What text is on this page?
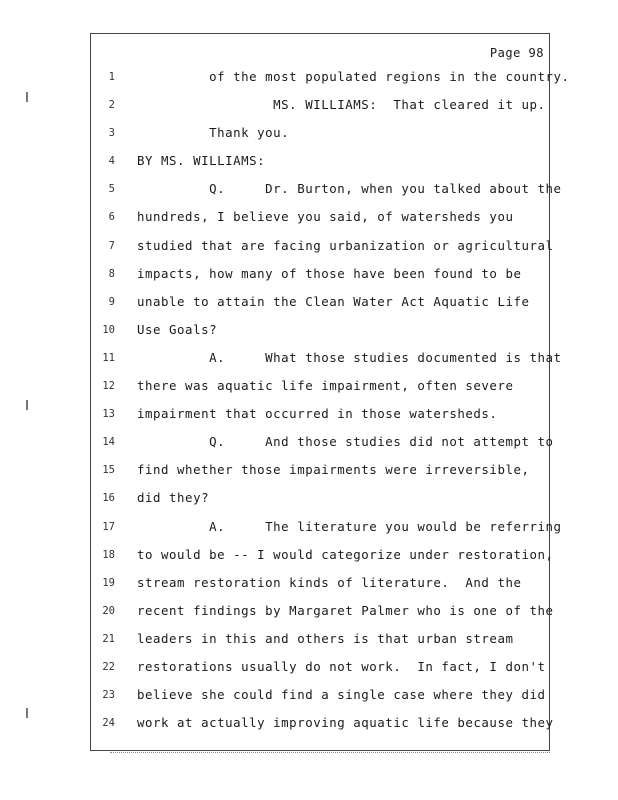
Page 98
1 of the most populated regions in the country.
2 MS. WILLIAMS:  That cleared it up.
3 Thank you.
4 BY MS. WILLIAMS:
5 Q.     Dr. Burton, when you talked about the
6 hundreds, I believe you said, of watersheds you
7 studied that are facing urbanization or agricultural
8 impacts, how many of those have been found to be
9 unable to attain the Clean Water Act Aquatic Life
10 Use Goals?
11 A.     What those studies documented is that
12 there was aquatic life impairment, often severe
13 impairment that occurred in those watersheds.
14 Q.     And those studies did not attempt to
15 find whether those impairments were irreversible,
16 did they?
17 A.     The literature you would be referring
18 to would be -- I would categorize under restoration,
19 stream restoration kinds of literature.  And the
20 recent findings by Margaret Palmer who is one of the
21 leaders in this and others is that urban stream
22 restorations usually do not work.  In fact, I don't
23 believe she could find a single case where they did
24 work at actually improving aquatic life because they
